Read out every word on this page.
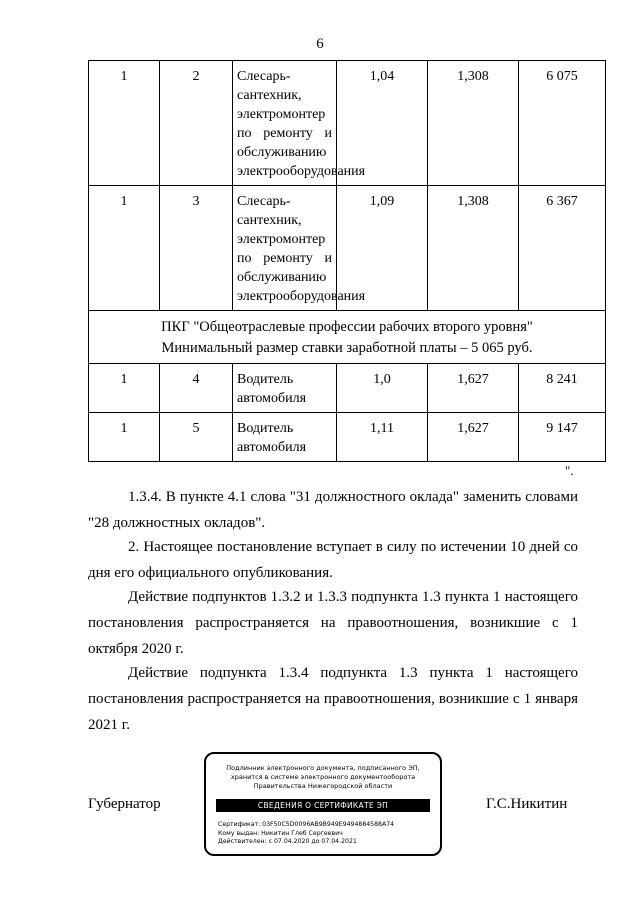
6
1	2	Слесарь-сантехник, электромонтер по ремонту и обслуживанию электрооборудования	1,04	1,308	6 075
1	3	Слесарь-сантехник, электромонтер по ремонту и обслуживанию электрооборудования	1,09	1,308	6 367

ПКГ "Общеотраслевые профессии рабочих второго уровня"
Минимальный размер ставки заработной платы – 5 065 руб.					

1	4	Водитель автомобиля	1,0	1,627	8 241
1	5	Водитель автомобиля	1,11	1,627	9 147
".

1.3.4. В пункте 4.1 слова "31 должностного оклада" заменить словами "28 должностных окладов".

2. Настоящее постановление вступает в силу по истечении 10 дней со дня его официального опубликования.

Действие подпунктов 1.3.2 и 1.3.3 подпункта 1.3 пункта 1 настоящего постановления распространяется на правоотношения, возникшие с 1 октября 2020 г.

Действие подпункта 1.3.4 подпункта 1.3 пункта 1 настоящего постановления распространяется на правоотношения, возникшие с 1 января 2021 г.

Губернатор
Подлинник электронного документа, подписанного ЭП,
хранится в системе электронного документооборота
Правительства Нижегородской области
СВЕДЕНИЯ О СЕРТИФИКАТЕ ЭП
Сертификат: 03F50C5D0096AB9B949E9494884588A74
Кому выдан: Никитин Глеб Сергеевич
Действителен: с 07.04.2020 до 07.04.2021
Г.С.Никитин
